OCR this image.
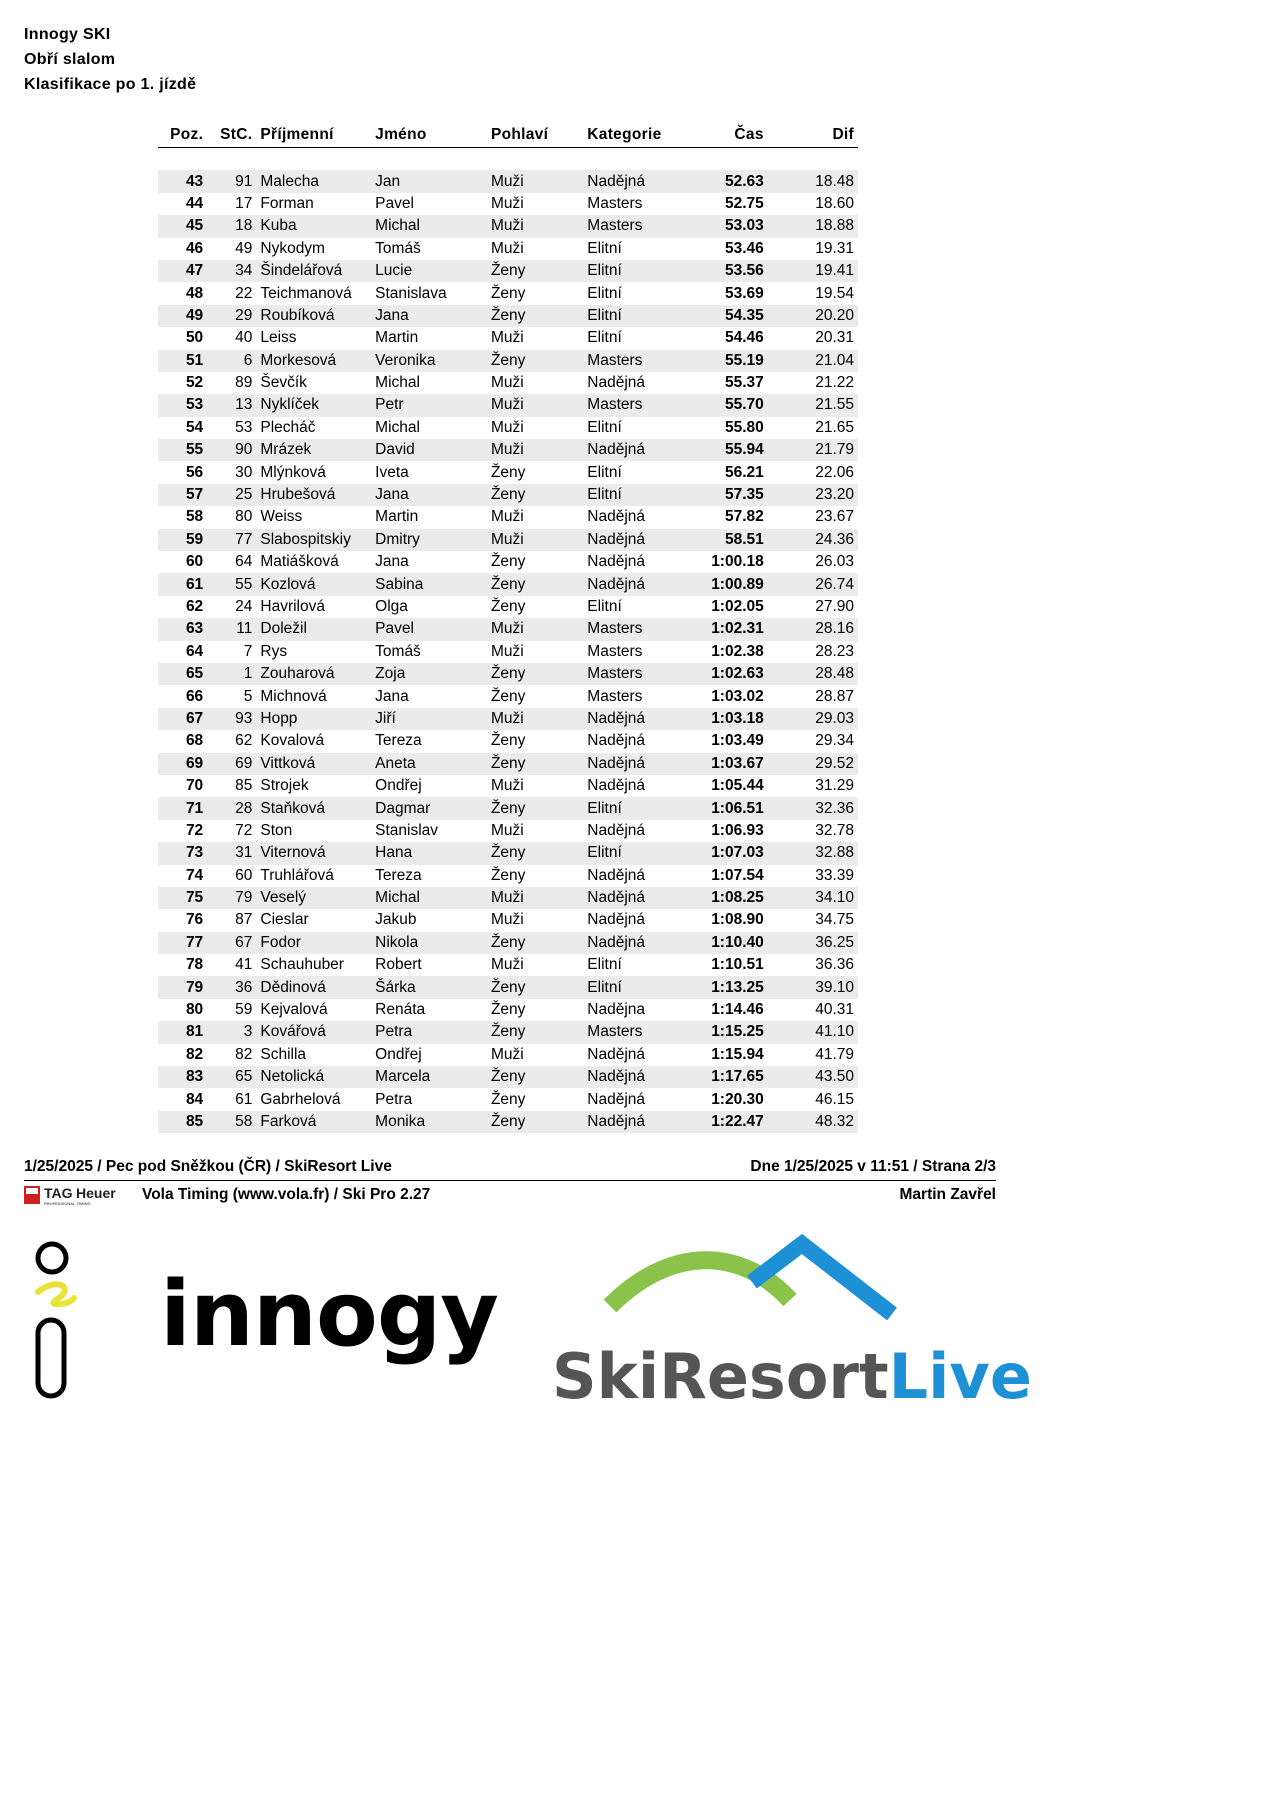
Innogy SKI
Obří slalom
Klasifikace po 1. jízdě
Poz.	StC.	Příjmenní	Jméno	Pohlaví	Kategorie	Čas	Dif

43	91	Malecha	Jan	Muži	Nadějná	52.63	18.48
44	17	Forman	Pavel	Muži	Masters	52.75	18.60
45	18	Kuba	Michal	Muži	Masters	53.03	18.88
46	49	Nykodym	Tomáš	Muži	Elitní	53.46	19.31
47	34	Šindelářová	Lucie	Ženy	Elitní	53.56	19.41
48	22	Teichmanová	Stanislava	Ženy	Elitní	53.69	19.54
49	29	Roubíková	Jana	Ženy	Elitní	54.35	20.20
50	40	Leiss	Martin	Muži	Elitní	54.46	20.31
51	6	Morkesová	Veronika	Ženy	Masters	55.19	21.04
52	89	Ševčík	Michal	Muži	Nadějná	55.37	21.22
53	13	Nyklíček	Petr	Muži	Masters	55.70	21.55
54	53	Plecháč	Michal	Muži	Elitní	55.80	21.65
55	90	Mrázek	David	Muži	Nadějná	55.94	21.79
56	30	Mlýnková	Iveta	Ženy	Elitní	56.21	22.06
57	25	Hrubešová	Jana	Ženy	Elitní	57.35	23.20
58	80	Weiss	Martin	Muži	Nadějná	57.82	23.67
59	77	Slabospitskiy	Dmitry	Muži	Nadějná	58.51	24.36
60	64	Matiášková	Jana	Ženy	Nadějná	1:00.18	26.03
61	55	Kozlová	Sabina	Ženy	Nadějná	1:00.89	26.74
62	24	Havrilová	Olga	Ženy	Elitní	1:02.05	27.90
63	11	Doležil	Pavel	Muži	Masters	1:02.31	28.16
64	7	Rys	Tomáš	Muži	Masters	1:02.38	28.23
65	1	Zouharová	Zoja	Ženy	Masters	1:02.63	28.48
66	5	Michnová	Jana	Ženy	Masters	1:03.02	28.87
67	93	Hopp	Jiří	Muži	Nadějná	1:03.18	29.03
68	62	Kovalová	Tereza	Ženy	Nadějná	1:03.49	29.34
69	69	Vittková	Aneta	Ženy	Nadějná	1:03.67	29.52
70	85	Strojek	Ondřej	Muži	Nadějná	1:05.44	31.29
71	28	Staňková	Dagmar	Ženy	Elitní	1:06.51	32.36
72	72	Ston	Stanislav	Muži	Nadějná	1:06.93	32.78
73	31	Viternová	Hana	Ženy	Elitní	1:07.03	32.88
74	60	Truhlářová	Tereza	Ženy	Nadějná	1:07.54	33.39
75	79	Veselý	Michal	Muži	Nadějná	1:08.25	34.10
76	87	Cieslar	Jakub	Muži	Nadějná	1:08.90	34.75
77	67	Fodor	Nikola	Ženy	Nadějná	1:10.40	36.25
78	41	Schauhuber	Robert	Muži	Elitní	1:10.51	36.36
79	36	Dědinová	Šárka	Ženy	Elitní	1:13.25	39.10
80	59	Kejvalová	Renáta	Ženy	Nadějna	1:14.46	40.31
81	3	Kovářová	Petra	Ženy	Masters	1:15.25	41.10
82	82	Schilla	Ondřej	Muži	Nadějná	1:15.94	41.79
83	65	Netolická	Marcela	Ženy	Nadějná	1:17.65	43.50
84	61	Gabrhelová	Petra	Ženy	Nadějná	1:20.30	46.15
85	58	Farková	Monika	Ženy	Nadějná	1:22.47	48.32
1/25/2025 / Pec pod Sněžkou (ČR) / SkiResort Live	Dne 1/25/2025 v 11:51 / Strana 2/3
TAG Heuer
PROFESSIONAL TIMING
Vola Timing (www.vola.fr) / Ski Pro 2.27	Martin Zavřel
innogy
SkiResortLive
